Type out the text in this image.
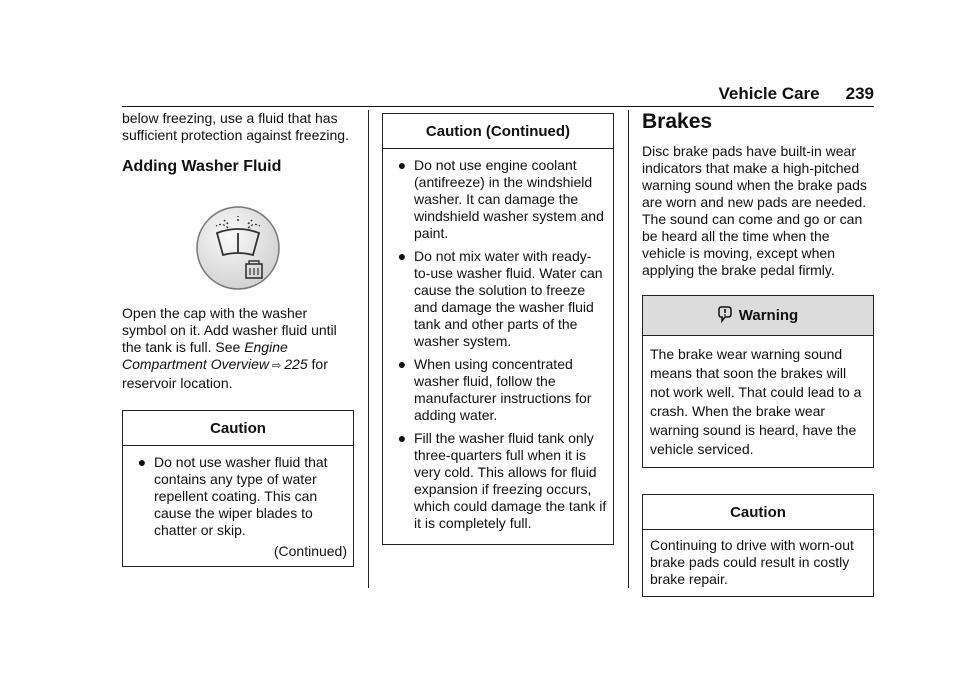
Vehicle Care 239

below freezing, use a fluid that has sufficient protection against freezing.

Adding Washer Fluid

Open the cap with the washer symbol on it. Add washer fluid until the tank is full. See Engine Compartment Overview ⇨ 225 for reservoir location.

Caution
● Do not use washer fluid that contains any type of water repellent coating. This can cause the wiper blades to chatter or skip.
(Continued)
Caution (Continued)
● Do not use engine coolant (antifreeze) in the windshield washer. It can damage the windshield washer system and paint.
● Do not mix water with ready-to-use washer fluid. Water can cause the solution to freeze and damage the washer fluid tank and other parts of the washer system.
● When using concentrated washer fluid, follow the manufacturer instructions for adding water.
● Fill the washer fluid tank only three-quarters full when it is very cold. This allows for fluid expansion if freezing occurs, which could damage the tank if it is completely full.

Brakes

Disc brake pads have built-in wear indicators that make a high-pitched warning sound when the brake pads are worn and new pads are needed. The sound can come and go or can be heard all the time when the vehicle is moving, except when applying the brake pedal firmly.

Warning
The brake wear warning sound means that soon the brakes will not work well. That could lead to a crash. When the brake wear warning sound is heard, have the vehicle serviced.
Caution
Continuing to drive with worn-out brake pads could result in costly brake repair.
